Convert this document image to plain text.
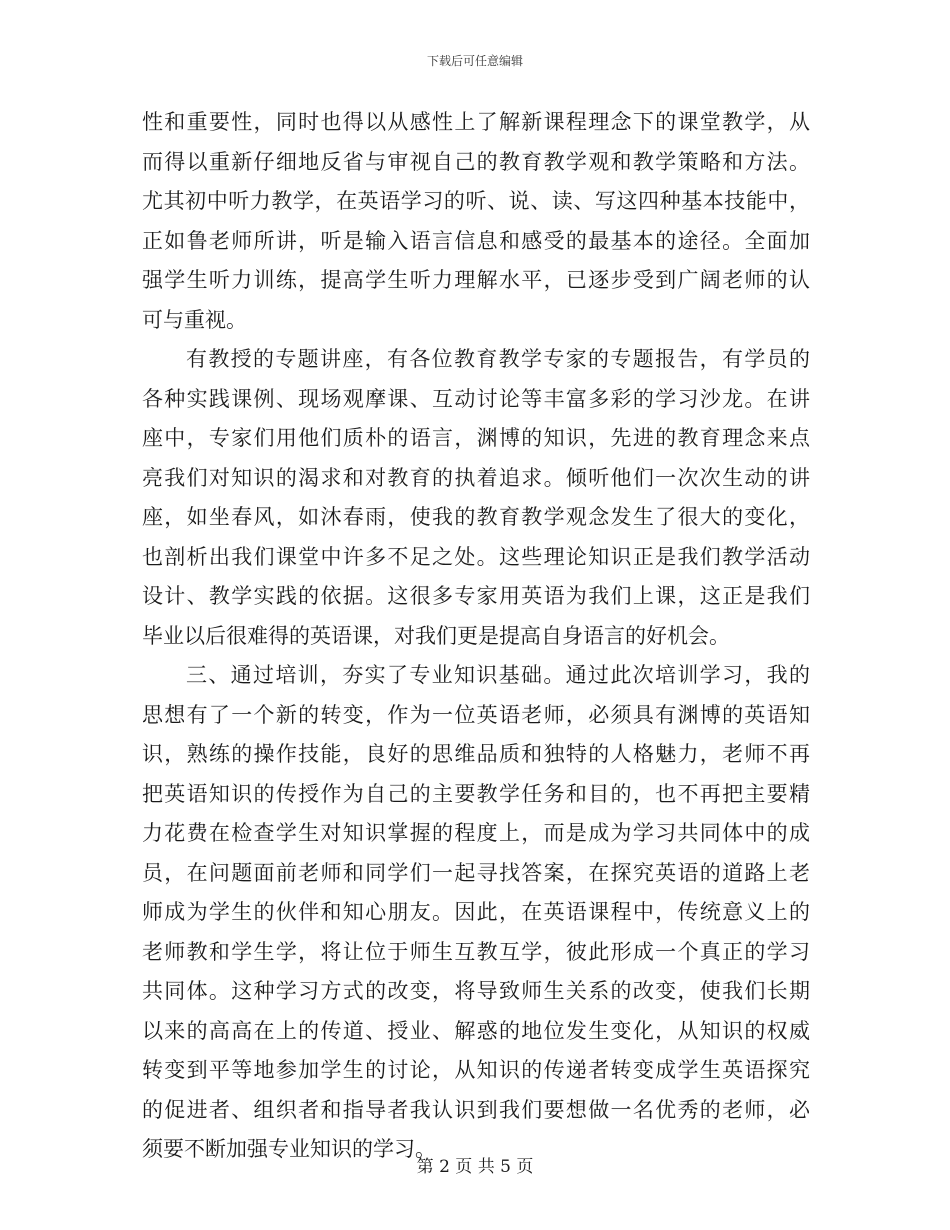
下载后可任意编辑
性和重要性，同时也得以从感性上了解新课程理念下的课堂教学，从
而得以重新仔细地反省与审视自己的教育教学观和教学策略和方法。
尤其初中听力教学，在英语学习的听、说、读、写这四种基本技能中，
正如鲁老师所讲，听是输入语言信息和感受的最基本的途径。全面加
强学生听力训练，提高学生听力理解水平，已逐步受到广阔老师的认
可与重视。
有教授的专题讲座，有各位教育教学专家的专题报告，有学员的
各种实践课例、现场观摩课、互动讨论等丰富多彩的学习沙龙。在讲
座中，专家们用他们质朴的语言，渊博的知识，先进的教育理念来点
亮我们对知识的渴求和对教育的执着追求。倾听他们一次次生动的讲
座，如坐春风，如沐春雨，使我的教育教学观念发生了很大的变化，
也剖析出我们课堂中许多不足之处。这些理论知识正是我们教学活动
设计、教学实践的依据。这很多专家用英语为我们上课，这正是我们
毕业以后很难得的英语课，对我们更是提高自身语言的好机会。
三、通过培训，夯实了专业知识基础。通过此次培训学习，我的
思想有了一个新的转变，作为一位英语老师，必须具有渊博的英语知
识，熟练的操作技能，良好的思维品质和独特的人格魅力，老师不再
把英语知识的传授作为自己的主要教学任务和目的，也不再把主要精
力花费在检查学生对知识掌握的程度上，而是成为学习共同体中的成
员，在问题面前老师和同学们一起寻找答案，在探究英语的道路上老
师成为学生的伙伴和知心朋友。因此，在英语课程中，传统意义上的
老师教和学生学，将让位于师生互教互学，彼此形成一个真正的学习
共同体。这种学习方式的改变，将导致师生关系的改变，使我们长期
以来的高高在上的传道、授业、解惑的地位发生变化，从知识的权威
转变到平等地参加学生的讨论，从知识的传递者转变成学生英语探究
的促进者、组织者和指导者我认识到我们要想做一名优秀的老师，必
须要不断加强专业知识的学习。
第 2 页 共 5 页
